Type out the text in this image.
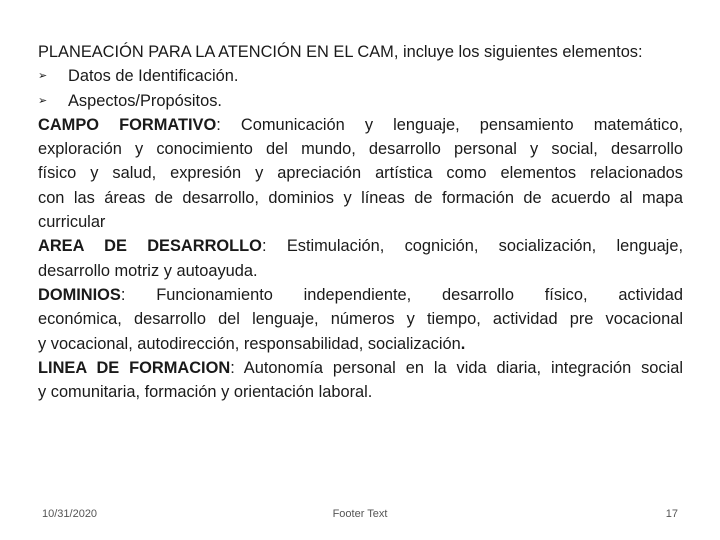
PLANEACIÓN PARA LA ATENCIÓN EN EL CAM, incluye los siguientes elementos:
➢	Datos de Identificación.
➢	Aspectos/Propósitos.
CAMPO FORMATIVO: Comunicación y lenguaje, pensamiento matemático,
exploración y conocimiento del mundo, desarrollo personal y social, desarrollo
físico y salud, expresión y apreciación artística como elementos relacionados
con las áreas de desarrollo, dominios y líneas de formación de acuerdo al mapa
curricular
AREA DE DESARROLLO: Estimulación, cognición, socialización, lenguaje,
desarrollo motriz y autoayuda.
DOMINIOS: Funcionamiento independiente, desarrollo físico, actividad
económica, desarrollo del lenguaje, números y tiempo, actividad pre vocacional
y vocacional, autodirección, responsabilidad, socialización.
LINEA DE FORMACION: Autonomía personal en la vida diaria, integración social
y comunitaria, formación y orientación laboral.
10/31/2020	Footer Text	17
